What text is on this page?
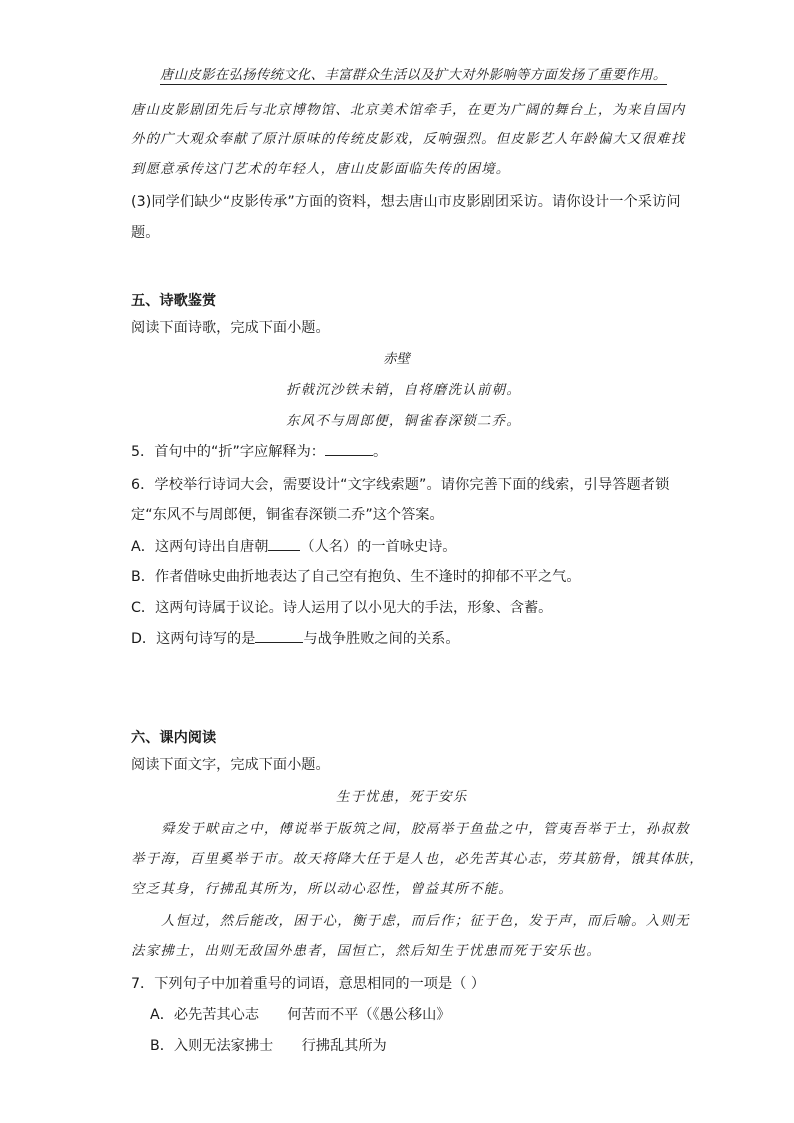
唐山皮影在弘扬传统文化、丰富群众生活以及扩大对外影响等方面发扬了重要作用。
唐山皮影剧团先后与北京博物馆、北京美术馆牵手，在更为广阔的舞台上，为来自国内
外的广大观众奉献了原汁原味的传统皮影戏，反响强烈。但皮影艺人年龄偏大又很难找
到愿意承传这门艺术的年轻人，唐山皮影面临失传的困境。
(3)同学们缺少“皮影传承”方面的资料，想去唐山市皮影剧团采访。请你设计一个采访问
题。
五、诗歌鉴赏
阅读下面诗歌，完成下面小题。
赤壁
折戟沉沙铁未销，自将磨洗认前朝。
东风不与周郎便，铜雀春深锁二乔。
5．首句中的“折”字应解释为：	。
6．学校举行诗词大会，需要设计“文字线索题”。请你完善下面的线索，引导答题者锁
定“东风不与周郎便，铜雀春深锁二乔”这个答案。
A．这两句诗出自唐朝 （人名）的一首咏史诗。
B．作者借咏史曲折地表达了自己空有抱负、生不逢时的抑郁不平之气。
C．这两句诗属于议论。诗人运用了以小见大的手法，形象、含蓄。
D．这两句诗写的是	与战争胜败之间的关系。
六、课内阅读
阅读下面文字，完成下面小题。
生于忧患，死于安乐
舜发于畎亩之中，傅说举于版筑之间，胶鬲举于鱼盐之中，管夷吾举于士，孙叔敖
举于海，百里奚举于市。故天将降大任于是人也，必先苦其心志，劳其筋骨，饿其体肤，
空乏其身，行拂乱其所为，所以动心忍性，曾益其所不能。
人恒过，然后能改，困于心，衡于虑，而后作；征于色，发于声，而后喻。入则无
法家拂士，出则无敌国外患者，国恒亡，然后知生于忧患而死于安乐也。
7．下列句子中加着重号的词语，意思相同的一项是（ ）
A．必先苦其心志　　何苦而不平（《愚公移山》
B．入则无法家拂士　　行拂乱其所为
